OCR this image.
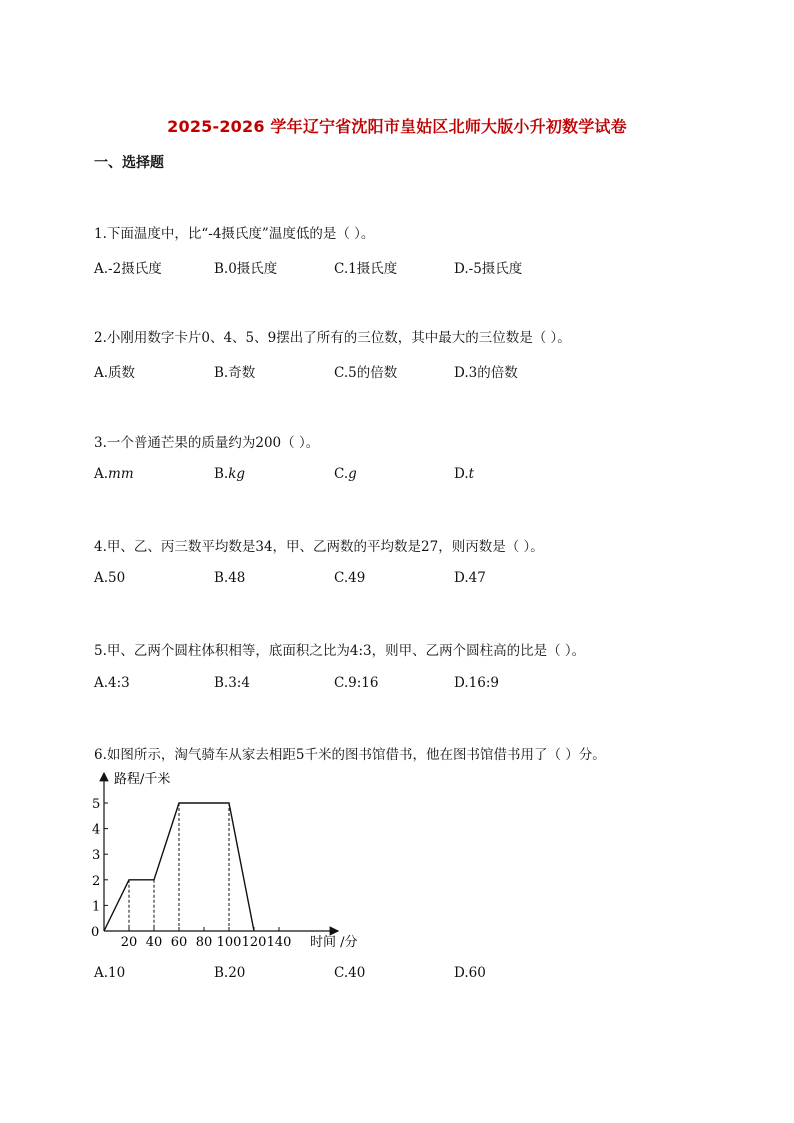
2025-2026 学年辽宁省沈阳市皇姑区北师大版小升初数学试卷
一、选择题
1.下面温度中，比“-4摄氏度”温度低的是（ ）。
A.-2摄氏度	B.0摄氏度	C.1摄氏度	D.-5摄氏度
2.小刚用数字卡片0、4、5、9摆出了所有的三位数，其中最大的三位数是（ ）。
A.质数	B.奇数	C.5的倍数	D.3的倍数
3.一个普通芒果的质量约为200（ ）。
A.mm	B.kg	C.g	D.t
4.甲、乙、丙三数平均数是34，甲、乙两数的平均数是27，则丙数是（ ）。
A.50	B.48	C.49	D.47
5.甲、乙两个圆柱体积相等，底面积之比为4:3，则甲、乙两个圆柱高的比是（ ）。
A.4:3	B.3:4	C.9:16	D.16:9
6.如图所示，淘气骑车从家去相距5千米的图书馆借书，他在图书馆借书用了（ ）分。
1
2
3
4
5
20 40 60 80 100 120 140
路程/千米
时间 /分
0
A.10	B.20	C.40	D.60
